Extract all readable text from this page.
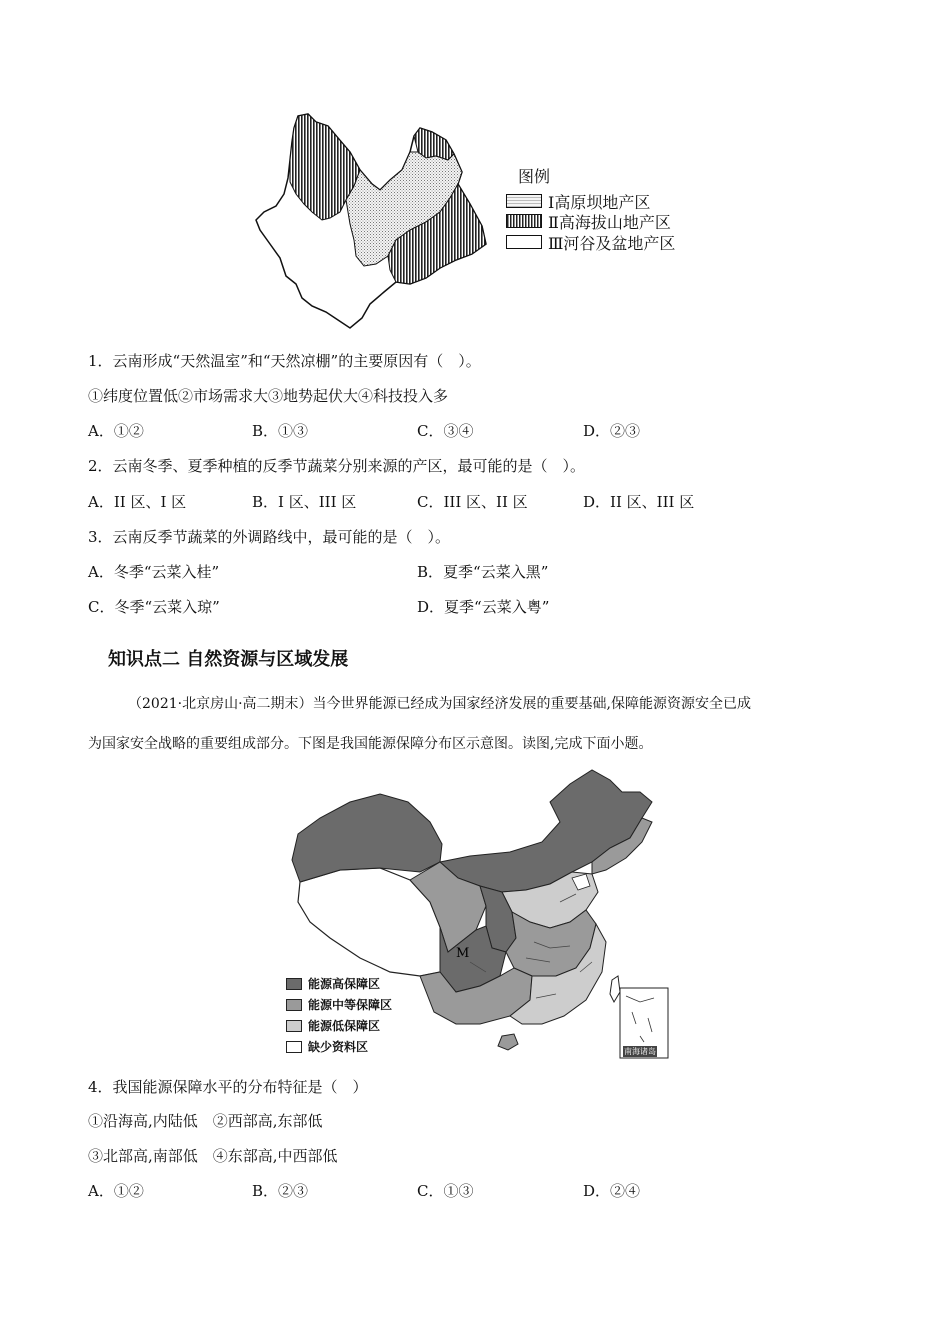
图例
Ⅰ高原坝地产区
Ⅱ高海拔山地产区
Ⅲ河谷及盆地产区
1．云南形成“天然温室”和“天然凉棚”的主要原因有（　）。
①纬度位置低②市场需求大③地势起伏大④科技投入多
A．①②	B．①③	C．③④	D．②③
2．云南冬季、夏季种植的反季节蔬菜分别来源的产区，最可能的是（　）。
A．II 区、I 区	B．I 区、III 区	C．III 区、II 区	D．II 区、III 区
3．云南反季节蔬菜的外调路线中，最可能的是（　）。
A．冬季“云菜入桂”	B．夏季“云菜入黑”
C．冬季“云菜入琼”	D．夏季“云菜入粤”
知识点二 自然资源与区域发展
（2021·北京房山·高二期末）当今世界能源已经成为国家经济发展的重要基础,保障能源资源安全已成
为国家安全战略的重要组成部分。下图是我国能源保障分布区示意图。读图,完成下面小题。
M
南海诸岛
能源高保障区
能源中等保障区
能源低保障区
缺少资料区
4．我国能源保障水平的分布特征是（　）
①沿海高,内陆低　②西部高,东部低
③北部高,南部低　④东部高,中西部低
A．①②	B．②③	C．①③	D．②④
